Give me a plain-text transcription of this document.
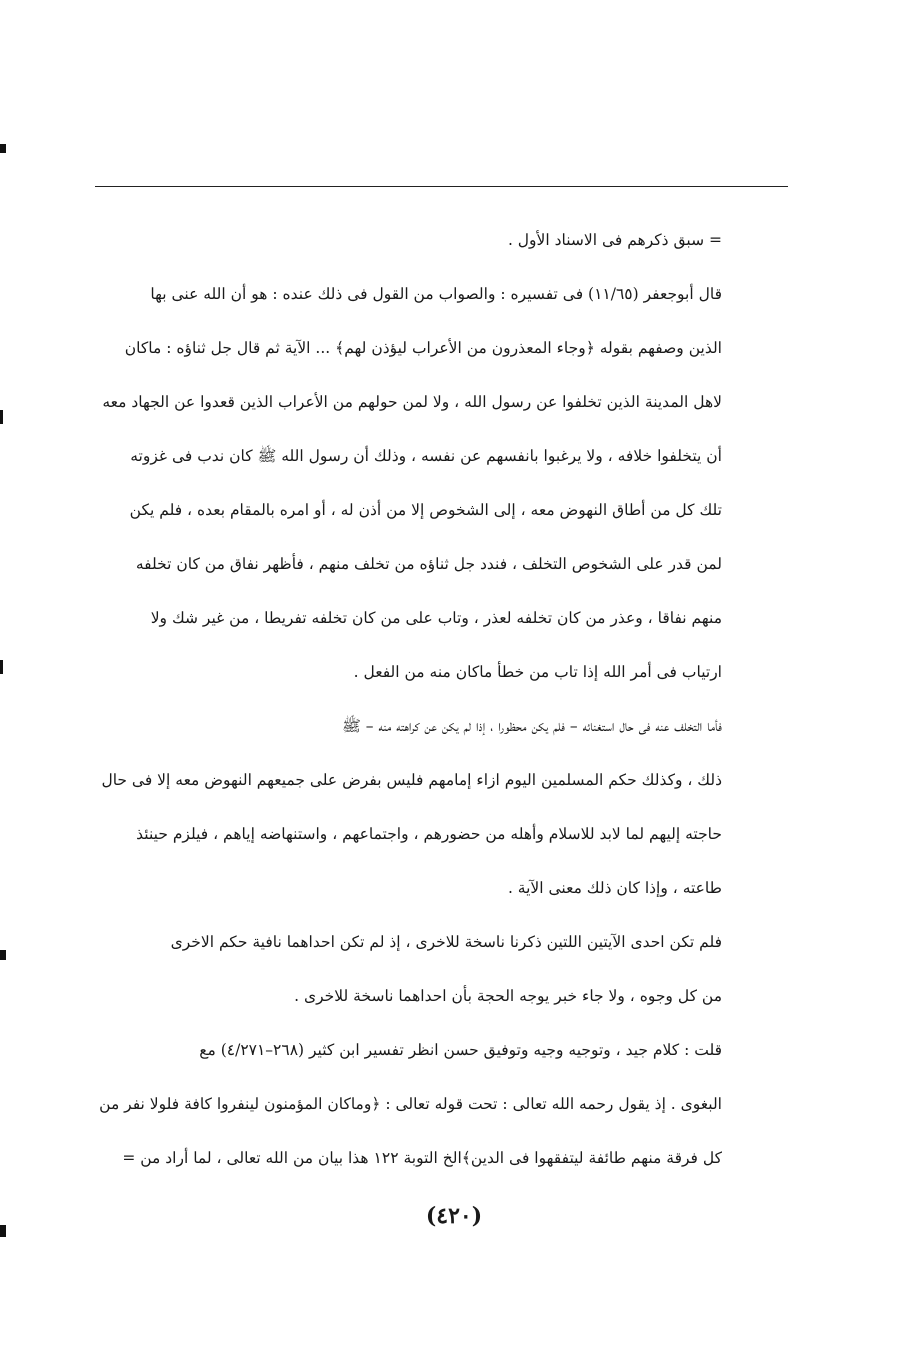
= سبق ذكرهم فى الاسناد الأول .
قال أبوجعفر (١١/٦٥) فى تفسيره : والصواب من القول فى ذلك عنده : هو أن الله عنى بها
الذين وصفهم بقوله ﴿وجاء المعذرون من الأعراب ليؤذن لهم﴾ ... الآية ثم قال جل ثناؤه : ماكان
لاهل المدينة الذين تخلفوا عن رسول الله ، ولا لمن حولهم من الأعراب الذين قعدوا عن الجهاد معه
أن يتخلفوا خلافه ، ولا يرغبوا بانفسهم عن نفسه ، وذلك أن رسول الله ﷺ كان ندب فى غزوته
تلك كل من أطاق النهوض معه ، إلى الشخوص إلا من أذن له ، أو امره بالمقام بعده ، فلم يكن
لمن قدر على الشخوص التخلف ، فندد جل ثناؤه من تخلف منهم ، فأظهر نفاق من كان تخلفه
منهم نفاقا ، وعذر من كان تخلفه لعذر ، وتاب على من كان تخلفه تفريطا ، من غير شك ولا
ارتياب فى أمر الله إذا تاب من خطأ ماكان منه من الفعل .
فأما التخلف عنه فى حال استغنائه – فلم يكن محظورا ، إذا لم يكن عن كراهته منه – ﷺ
ذلك ، وكذلك حكم المسلمين اليوم ازاء إمامهم فليس بفرض على جميعهم النهوض معه إلا فى حال
حاجته إليهم لما لابد للاسلام وأهله من حضورهم ، واجتماعهم ، واستنهاضه إياهم ، فيلزم حينئذ
طاعته ، وإذا كان ذلك معنى الآية .
فلم تكن احدى الآيتين اللتين ذكرنا ناسخة للاخرى ، إذ لم تكن احداهما نافية حكم الاخرى
من كل وجوه ، ولا جاء خبر يوجه الحجة بأن احداهما ناسخة للاخرى .
قلت : كلام جيد ، وتوجيه وجيه وتوفيق حسن انظر تفسير ابن كثير (٢٦٨–٤/٢٧١) مع
البغوى . إذ يقول رحمه الله تعالى : تحت قوله تعالى : ﴿وماكان المؤمنون لينفروا كافة فلولا نفر من
كل فرقة منهم طائفة ليتفقهوا فى الدين﴾الخ التوبة ١٢٢ هذا بيان من الله تعالى ، لما أراد من =
(٤٢٠)
